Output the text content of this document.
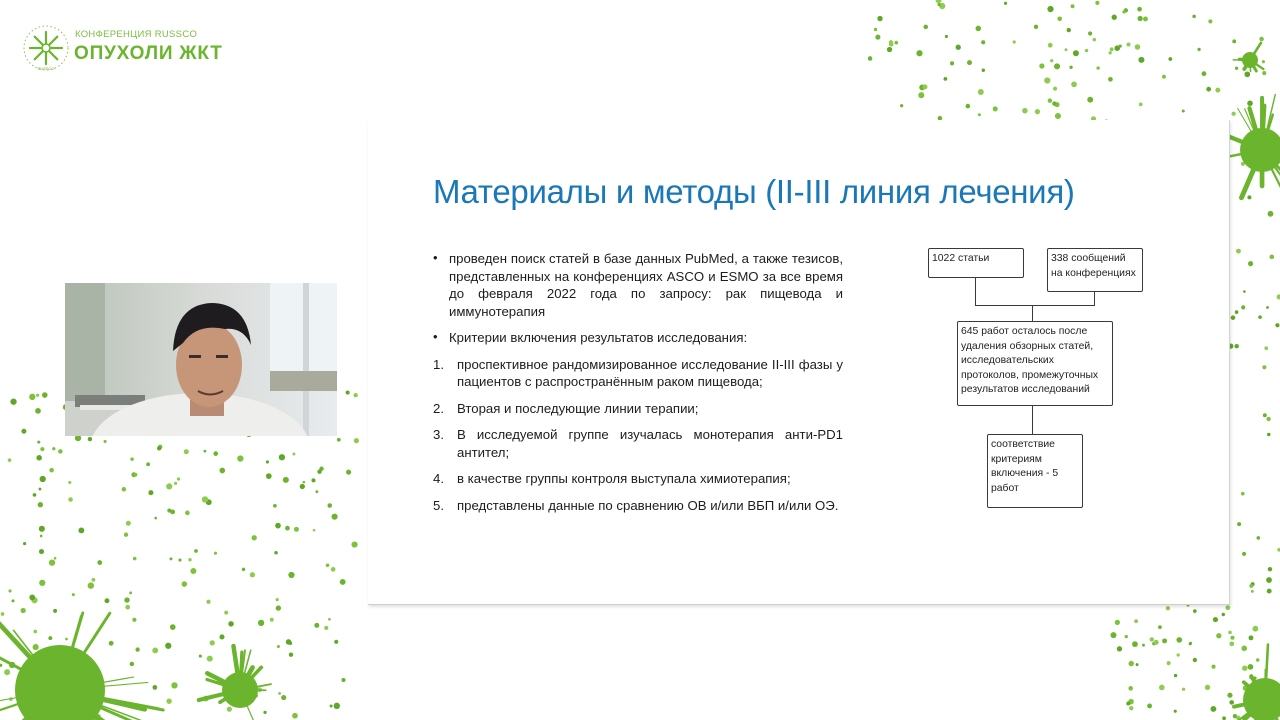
RUSSCO
КОНФЕРЕНЦИЯ RUSSCO
ОПУХОЛИ ЖКТ
Материалы и методы (II-III линия лечения)
• проведен поиск статей в базе данных PubMed, а также тезисов, представленных на конференциях ASCO и ESMO за все время до февраля 2022 года по запросу: рак пищевода и иммунотерапия
• Критерии включения результатов исследования:
1. проспективное рандомизированное исследование II-III фазы у пациентов с распространённым раком пищевода;
2. Вторая и последующие линии терапии;
3. В исследуемой группе изучалась монотерапия анти-PD1 антител;
4. в качестве группы контроля выступала химиотерапия;
5. представлены данные по сравнению ОВ и/или ВБП и/или ОЭ.
1022 статьи	338 сообщений на конференциях
645 работ осталось после удаления обзорных статей, исследовательских протоколов, промежуточных результатов исследований
соответствие критериям включения - 5 работ
